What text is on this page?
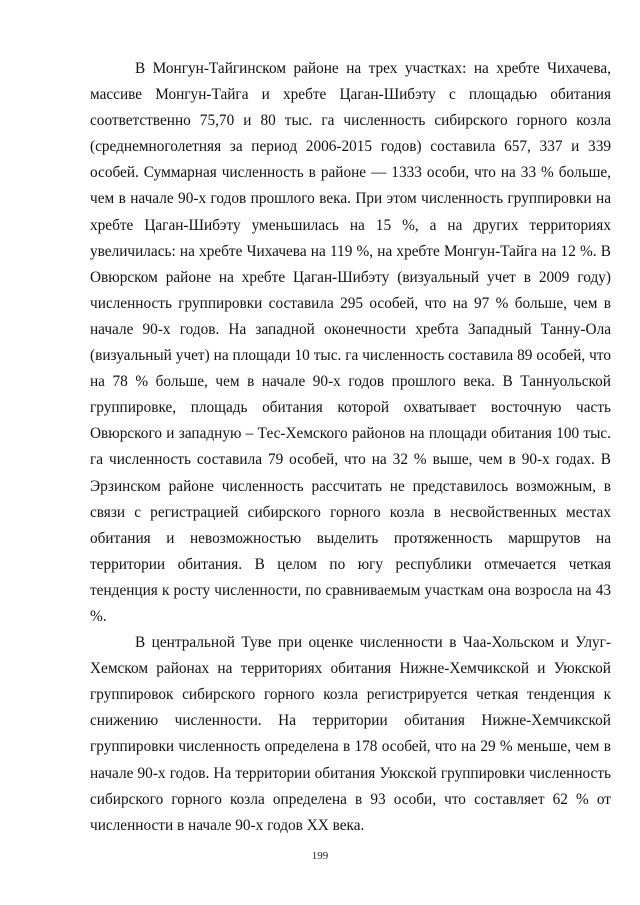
В Монгун-Тайгинском районе на трех участках: на хребте Чихачева, массиве Монгун-Тайга и хребте Цаган-Шибэту с площадью обитания соответственно 75,70 и 80 тыс. га численность сибирского горного козла (среднемноголетняя за период 2006-2015 годов) составила 657, 337 и 339 особей. Суммарная численность в районе — 1333 особи, что на 33 % больше, чем в начале 90-х годов прошлого века. При этом численность группировки на хребте Цаган-Шибэту уменьшилась на 15 %, а на других территориях увеличилась: на хребте Чихачева на 119 %, на хребте Монгун-Тайга на 12 %. В Овюрском районе на хребте Цаган-Шибэту (визуальный учет в 2009 году) численность группировки составила 295 особей, что на 97 % больше, чем в начале 90-х годов. На западной оконечности хребта Западный Танну-Ола (визуальный учет) на площади 10 тыс. га численность составила 89 особей, что на 78 % больше, чем в начале 90-х годов прошлого века. В Таннуольской группировке, площадь обитания которой охватывает восточную часть Овюрского и западную – Тес-Хемского районов на площади обитания 100 тыс. га численность составила 79 особей, что на 32 % выше, чем в 90-х годах. В Эрзинском районе численность рассчитать не представилось возможным, в связи с регистрацией сибирского горного козла в несвойственных местах обитания и невозможностью выделить протяженность маршрутов на территории обитания. В целом по югу республики отмечается четкая тенденция к росту численности, по сравниваемым участкам она возросла на 43 %.

В центральной Туве при оценке численности в Чаа-Хольском и Улуг-Хемском районах на территориях обитания Нижне-Хемчикской и Уюкской группировок сибирского горного козла регистрируется четкая тенденция к снижению численности. На территории обитания Нижне-Хемчикской группировки численность определена в 178 особей, что на 29 % меньше, чем в начале 90-х годов. На территории обитания Уюкской группировки численность сибирского горного козла определена в 93 особи, что составляет 62 % от численности в начале 90-х годов XX века.

199
